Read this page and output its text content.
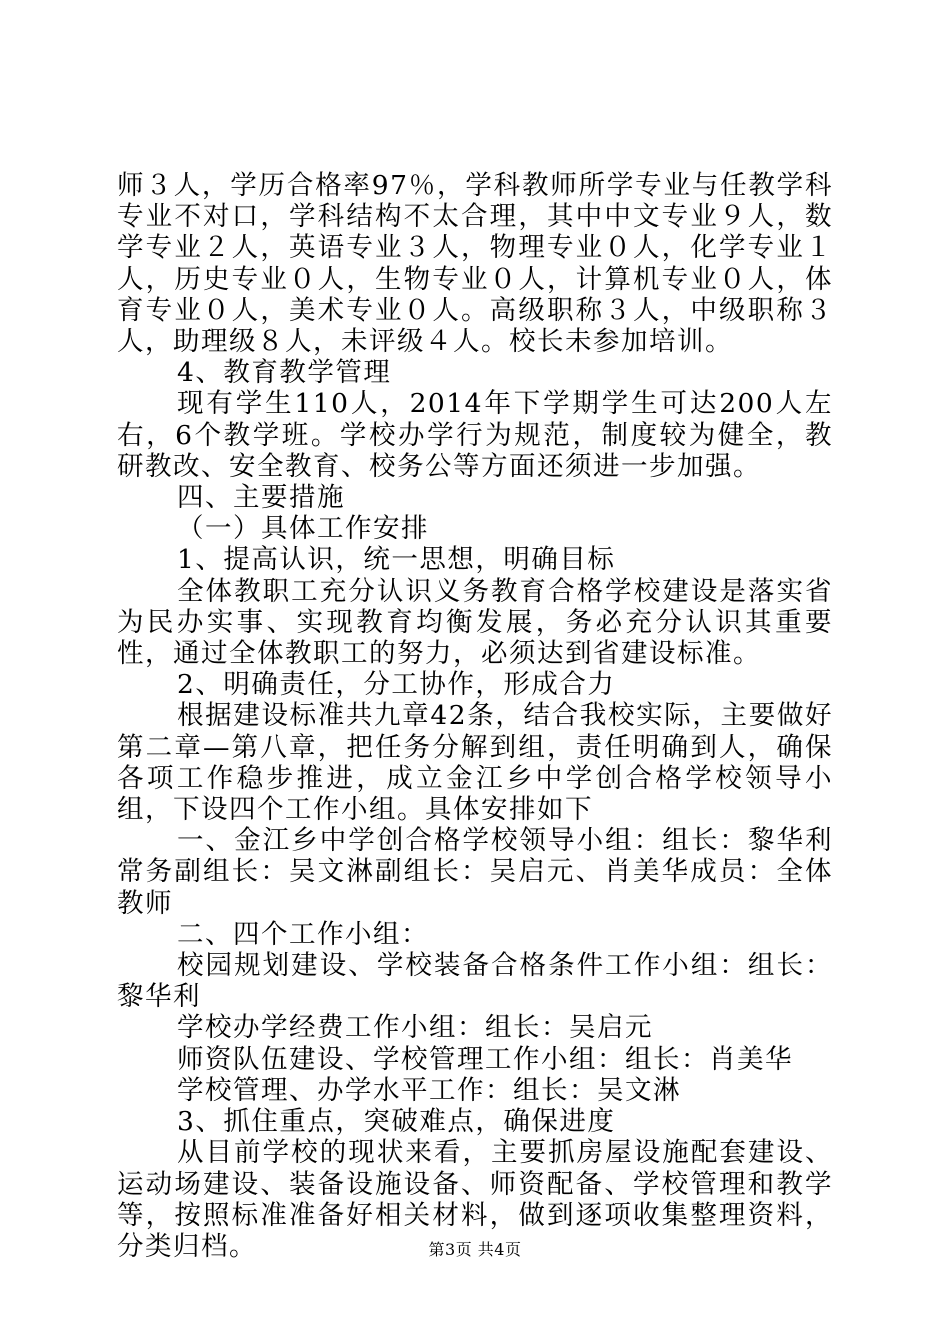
师３人，学历合格率97％，学科教师所学专业与任教学科专业不对口，学科结构不太合理，其中中文专业９人，数学专业２人，英语专业３人，物理专业０人，化学专业１人，历史专业０人，生物专业０人，计算机专业０人，体育专业０人，美术专业０人。高级职称３人，中级职称３人，助理级８人，未评级４人。校长未参加培训。

4、教育教学管理

现有学生110人，2014年下学期学生可达200人左右，6个教学班。学校办学行为规范，制度较为健全，教研教改、安全教育、校务公等方面还须进一步加强。

四、主要措施

（一）具体工作安排

1、提高认识，统一思想，明确目标

全体教职工充分认识义务教育合格学校建设是落实省为民办实事、实现教育均衡发展，务必充分认识其重要性，通过全体教职工的努力，必须达到省建设标准。

2、明确责任，分工协作，形成合力

根据建设标准共九章42条，结合我校实际，主要做好第二章—第八章，把任务分解到组，责任明确到人，确保各项工作稳步推进，成立金江乡中学创合格学校领导小组，下设四个工作小组。具体安排如下

一、金江乡中学创合格学校领导小组：组长：黎华利常务副组长：吴文淋副组长：吴启元、肖美华成员：全体教师

二、四个工作小组：

校园规划建设、学校装备合格条件工作小组：组长：黎华利

学校办学经费工作小组：组长：吴启元

师资队伍建设、学校管理工作小组：组长：肖美华

学校管理、办学水平工作：组长：吴文淋

3、抓住重点，突破难点，确保进度

从目前学校的现状来看，主要抓房屋设施配套建设、运动场建设、装备设施设备、师资配备、学校管理和教学等，按照标准准备好相关材料，做到逐项收集整理资料，分类归档。	第3页 共4页
